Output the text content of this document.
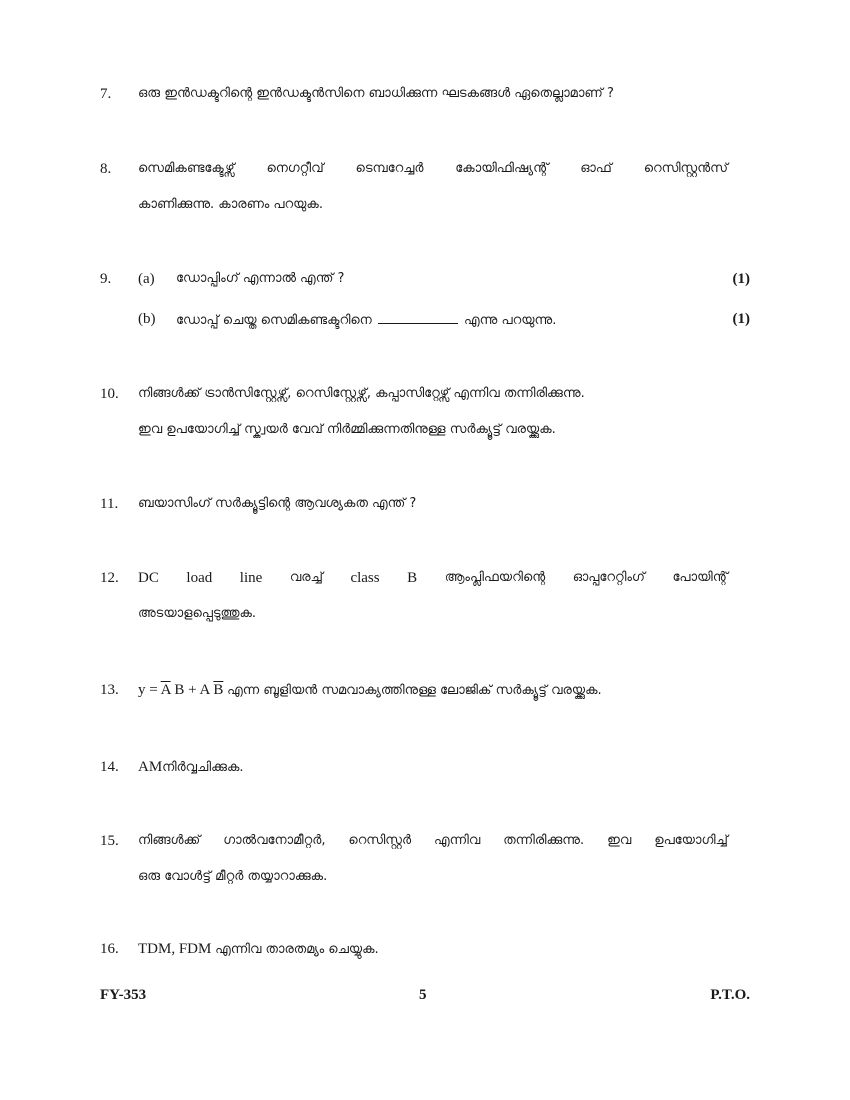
7.	ഒരു ഇന്‍ഡക്ടറിന്റെ ഇന്‍ഡക്ടന്‍സിനെ ബാധിക്കുന്ന ഘടകങ്ങള്‍ ഏതെല്ലാമാണ് ?
8.	സെമികണ്ടക്ടേഴ്സ് നെഗറ്റീവ് ടെമ്പറേച്ചര്‍ കോയിഫിഷ്യന്റ് ഓഫ് റെസിസ്റ്റന്‍സ്
കാണിക്കുന്നു. കാരണം പറയുക.
9.	(a) ഡോപ്പിംഗ് എന്നാല്‍ എന്ത് ?	(1)
(b) ഡോപ്പ് ചെയ്ത സെമികണ്ടക്ടറിനെ	എന്നു പറയുന്നു.	(1)
10.	നിങ്ങള്‍ക്ക് ട്രാന്‍സിസ്റ്റേഴ്സ്, റെസിസ്റ്റേഴ്സ്, കപ്പാസിറ്റേഴ്സ് എന്നിവ തന്നിരിക്കുന്നു.
ഇവ ഉപയോഗിച്ച് സ്ക്വയര്‍ വേവ് നിര്‍മ്മിക്കുന്നതിനുള്ള സര്‍ക്യൂട്ട് വരയ്ക്കുക.
11.	ബയാസിംഗ് സര്‍ക്യൂട്ടിന്റെ ആവശ്യകത എന്ത് ?
12.	DC load line വരച്ച് class B ആംപ്ലിഫയറിന്റെ ഓപ്പറേറ്റിംഗ് പോയിന്റ്
അടയാളപ്പെടുത്തുക.
13.	$y = \overline{A}$ B + A $\overline{B}$ എന്ന ബൂളിയന്‍ സമവാക്യത്തിനുള്ള ലോജിക് സര്‍ക്യൂട്ട് വരയ്ക്കുക.
14.	AMനിര്‍വ്വചിക്കുക.
15.	നിങ്ങള്‍ക്ക് ഗാല്‍വനോമീറ്റര്‍, റെസിസ്റ്റര്‍ എന്നിവ തന്നിരിക്കുന്നു. ഇവ ഉപയോഗിച്ച്
ഒരു വോള്‍ട്ട് മീറ്റര്‍ തയ്യാറാക്കുക.
16.	TDM, FDM എന്നിവ താരതമ്യം ചെയ്യുക.
FY-353	5	P.T.O.
